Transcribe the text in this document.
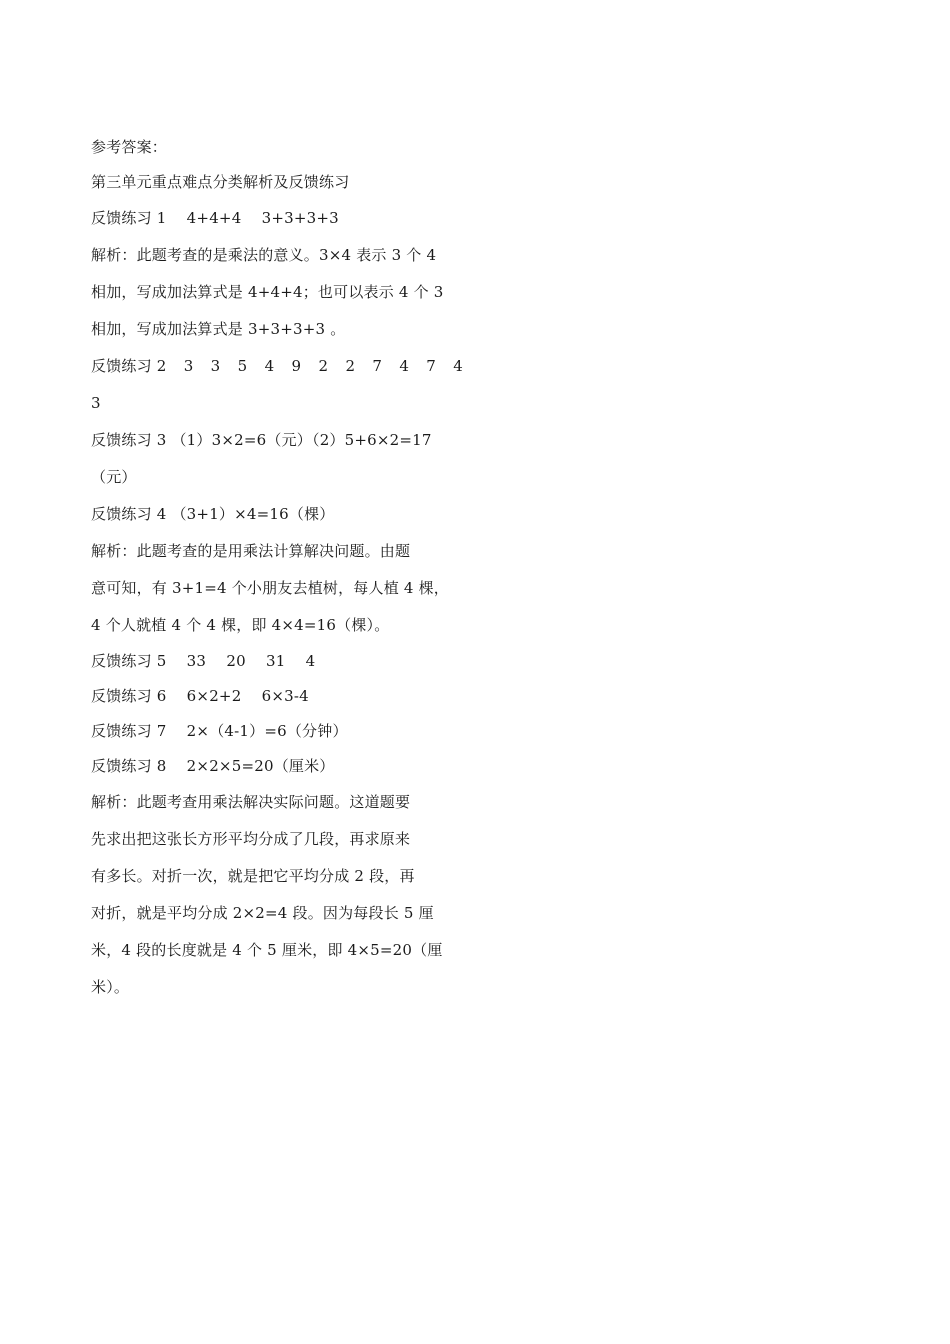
参考答案：
第三单元重点难点分类解析及反馈练习
反馈练习 1　 4+4+4　 3+3+3+3
解析：此题考查的是乘法的意义。3×4 表示 3 个 4
相加，写成加法算式是 4+4+4；也可以表示 4 个 3
相加，写成加法算式是 3+3+3+3 。
反馈练习 2 3 3 5 4 9 2 2 7 4 7 4
3
反馈练习 3 （1）3×2=6（元）（2）5+6×2=17
（元）
反馈练习 4 （3+1）×4=16（棵）
解析：此题考查的是用乘法计算解决问题。由题
意可知，有 3+1=4 个小朋友去植树，每人植 4 棵，
4 个人就植 4 个 4 棵，即 4×4=16（棵）。
反馈练习 5　 33　 20　 31　 4
反馈练习 6　 6×2+2　 6×3-4
反馈练习 7　 2×（4-1）=6（分钟）
反馈练习 8　 2×2×5=20（厘米）
解析：此题考查用乘法解决实际问题。这道题要
先求出把这张长方形平均分成了几段，再求原来
有多长。对折一次，就是把它平均分成 2 段，再
对折，就是平均分成 2×2=4 段。因为每段长 5 厘
米，4 段的长度就是 4 个 5 厘米，即 4×5=20（厘
米）。
